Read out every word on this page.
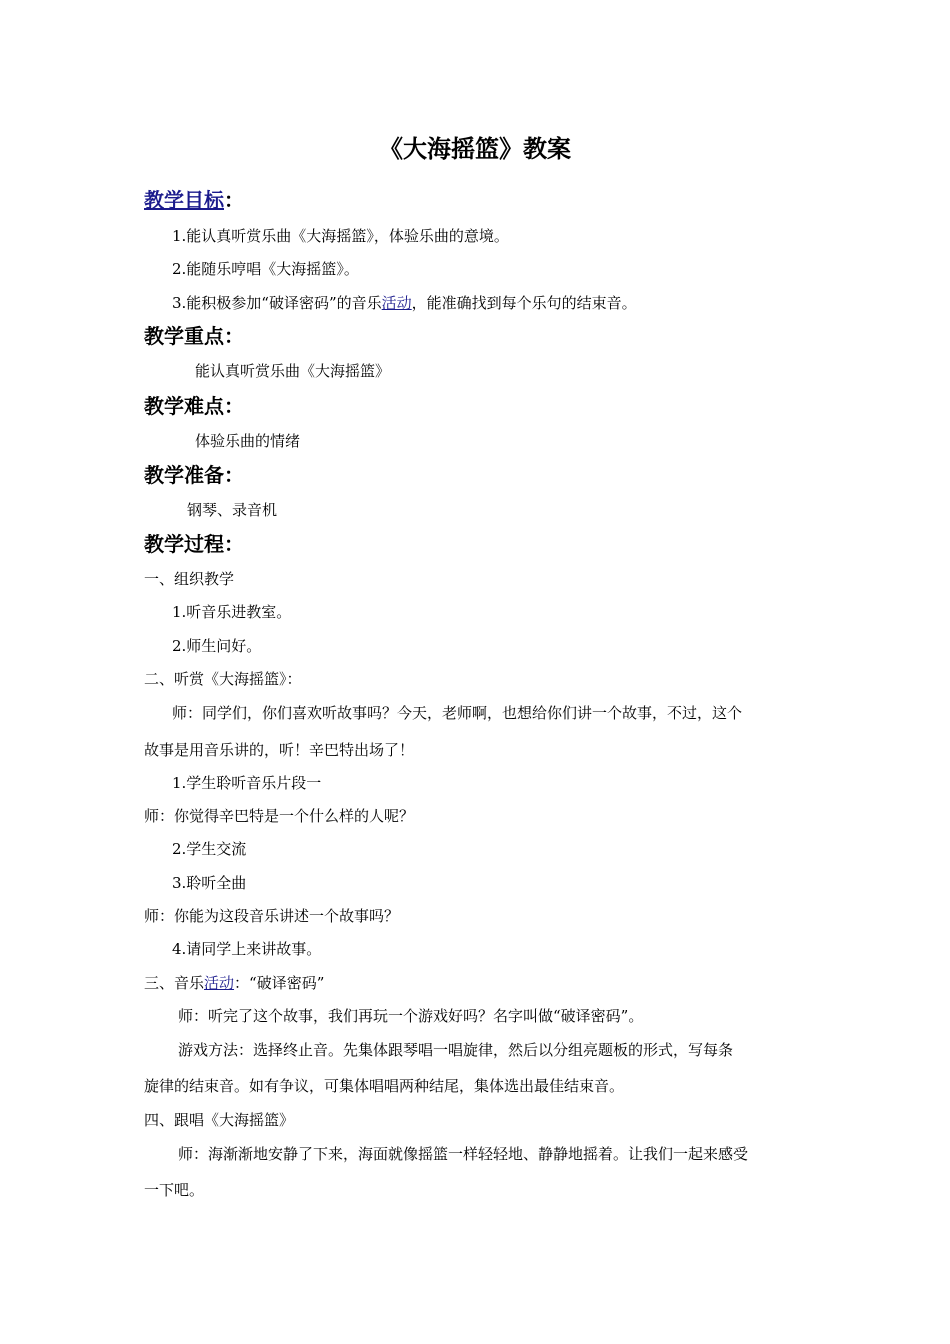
《大海摇篮》教案
教学目标：
1.能认真听赏乐曲《大海摇篮》，体验乐曲的意境。
2.能随乐哼唱《大海摇篮》。
3.能积极参加“破译密码”的音乐活动，能准确找到每个乐句的结束音。
教学重点：
能认真听赏乐曲《大海摇篮》
教学难点：
体验乐曲的情绪
教学准备：
钢琴、录音机
教学过程：
一、组织教学
1.听音乐进教室。
2.师生问好。
二、听赏《大海摇篮》：
师：同学们，你们喜欢听故事吗？今天，老师啊，也想给你们讲一个故事，不过，这个
故事是用音乐讲的，听！辛巴特出场了！
1.学生聆听音乐片段一
师：你觉得辛巴特是一个什么样的人呢？
2.学生交流
3.聆听全曲
师：你能为这段音乐讲述一个故事吗？
4.请同学上来讲故事。
三、音乐活动：“破译密码”
师：听完了这个故事，我们再玩一个游戏好吗？名字叫做“破译密码”。
游戏方法：选择终止音。先集体跟琴唱一唱旋律，然后以分组亮题板的形式，写每条
旋律的结束音。如有争议，可集体唱唱两种结尾，集体选出最佳结束音。
四、跟唱《大海摇篮》
师：海渐渐地安静了下来，海面就像摇篮一样轻轻地、静静地摇着。让我们一起来感受
一下吧。
